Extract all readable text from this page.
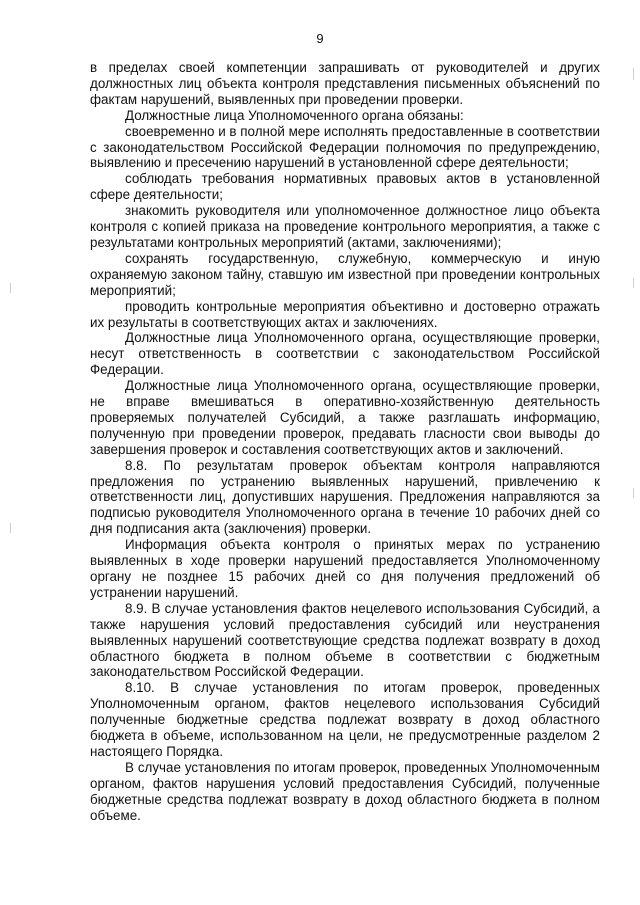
9

в пределах своей компетенции запрашивать от руководителей и других должностных лиц объекта контроля представления письменных объяснений по фактам нарушений, выявленных при проведении проверки.

Должностные лица Уполномоченного органа обязаны:

своевременно и в полной мере исполнять предоставленные в соответствии с законодательством Российской Федерации полномочия по предупреждению, выявлению и пресечению нарушений в установленной сфере деятельности;

соблюдать требования нормативных правовых актов в установленной сфере деятельности;

знакомить руководителя или уполномоченное должностное лицо объекта контроля с копией приказа на проведение контрольного мероприятия, а также с результатами контрольных мероприятий (актами, заключениями);

сохранять государственную, служебную, коммерческую и иную охраняемую законом тайну, ставшую им известной при проведении контрольных мероприятий;

проводить контрольные мероприятия объективно и достоверно отражать их результаты в соответствующих актах и заключениях.

Должностные лица Уполномоченного органа, осуществляющие проверки, несут ответственность в соответствии с законодательством Российской Федерации.

Должностные лица Уполномоченного органа, осуществляющие проверки, не вправе вмешиваться в оперативно-хозяйственную деятельность проверяемых получателей Субсидий, а также разглашать информацию, полученную при проведении проверок, предавать гласности свои выводы до завершения проверок и составления соответствующих актов и заключений.

8.8. По результатам проверок объектам контроля направляются предложения по устранению выявленных нарушений, привлечению к ответственности лиц, допустивших нарушения. Предложения направляются за подписью руководителя Уполномоченного органа в течение 10 рабочих дней со дня подписания акта (заключения) проверки.

Информация объекта контроля о принятых мерах по устранению выявленных в ходе проверки нарушений предоставляется Уполномоченному органу не позднее 15 рабочих дней со дня получения предложений об устранении нарушений.

8.9. В случае установления фактов нецелевого использования Субсидий, а также нарушения условий предоставления субсидий или неустранения выявленных нарушений соответствующие средства подлежат возврату в доход областного бюджета в полном объеме в соответствии с бюджетным законодательством Российской Федерации.

8.10. В случае установления по итогам проверок, проведенных Уполномоченным органом, фактов нецелевого использования Субсидий полученные бюджетные средства подлежат возврату в доход областного бюджета в объеме, использованном на цели, не предусмотренные разделом 2 настоящего Порядка.

В случае установления по итогам проверок, проведенных Уполномоченным органом, фактов нарушения условий предоставления Субсидий, полученные бюджетные средства подлежат возврату в доход областного бюджета в полном объеме.
